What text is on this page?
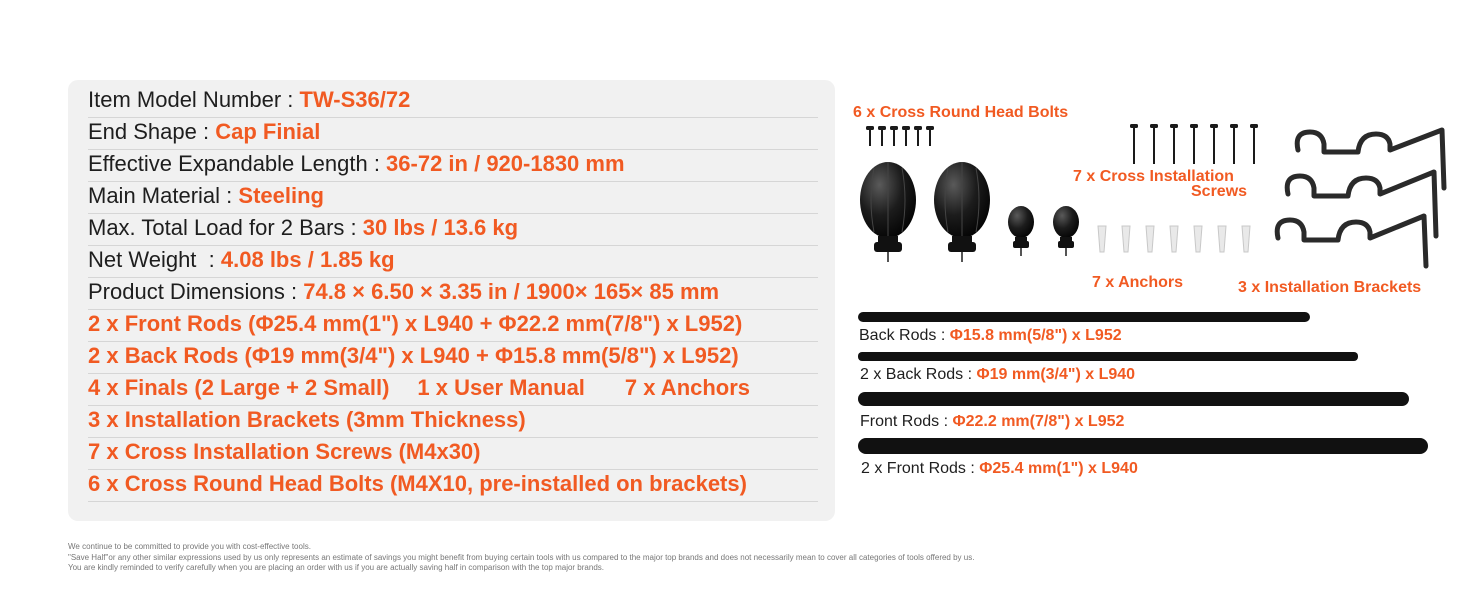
Item Model Number : TW-S36/72
End Shape : Cap Finial
Effective Expandable Length : 36-72 in / 920-1830 mm
Main Material : Steeling
Max. Total Load for 2 Bars : 30 lbs / 13.6 kg
Net Weight  : 4.08 lbs / 1.85 kg
Product Dimensions : 74.8 × 6.50 × 3.35 in / 1900× 165× 85 mm
2 x Front Rods (Φ25.4 mm(1") x L940 + Φ22.2 mm(7/8") x L952)
2 x Back Rods (Φ19 mm(3/4") x L940 + Φ15.8 mm(5/8") x L952)
4 x Finals (2 Large + 2 Small) 1 x User Manual 7 x Anchors
3 x Installation Brackets (3mm Thickness)
7 x Cross Installation Screws (M4x30)
6 x Cross Round Head Bolts (M4X10, pre-installed on brackets)
6 x Cross Round Head Bolts
7 x Cross Installation
Screws
7 x Anchors	3 x Installation Brackets
Back Rods : Φ15.8 mm(5/8") x L952
2 x Back Rods : Φ19 mm(3/4") x L940
Front Rods : Φ22.2 mm(7/8") x L952
2 x Front Rods : Φ25.4 mm(1") x L940
We continue to be committed to provide you with cost-effective tools.
"Save Half"or any other similar expressions used by us only represents an estimate of savings you might benefit from buying certain tools with us compared to the major top brands and does not necessarily mean to cover all categories of tools offered by us.
You are kindly reminded to verify carefully when you are placing an order with us if you are actually saving half in comparison with the top major brands.
